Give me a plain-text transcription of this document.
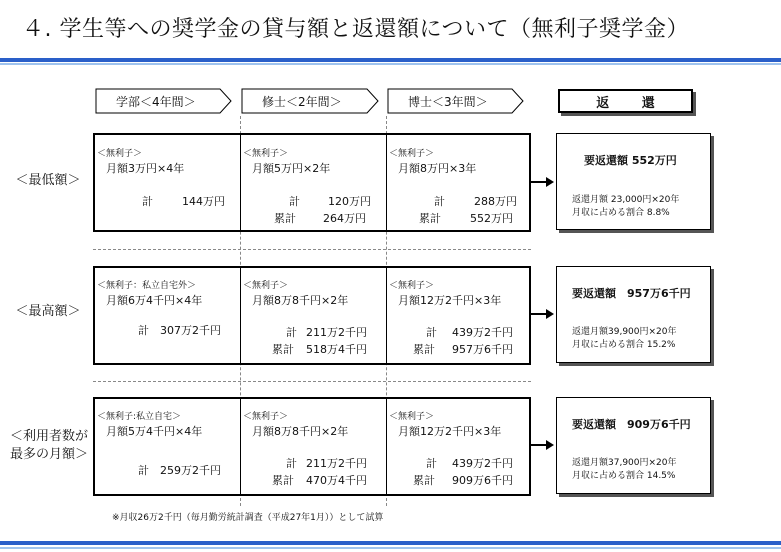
４. 学生等への奨学金の貸与額と返還額について（無利子奨学金）
学部＜4年間＞	修士＜2年間＞	博士＜3年間＞	返 還
＜最低額＞
＜無利子＞
月額3万円×4年
計	144万円
＜無利子＞
月額5万円×2年
計	120万円
累計 264万円
＜無利子＞
月額8万円×3年
計	288万円
累計	552万円
要返還額 552万円
返還月額 23,000円×20年
月収に占める割合 8.8%
＜最高額＞
＜無利子：私立自宅外＞
月額6万4千円×4年
計 307万2千円
＜無利子＞
月額8万8千円×2年
計 211万2千円
累計 518万4千円
＜無利子＞
月額12万2千円×3年
計 439万2千円
累計 957万6千円
要返還額　957万6千円
返還月額39,900円×20年
月収に占める割合 15.2%
＜利用者数が
最多の月額＞
＜無利子:私立自宅＞
月額5万4千円×4年
計 259万2千円
＜無利子＞
月額8万8千円×2年
計 211万2千円
累計 470万4千円
＜無利子＞
月額12万2千円×3年
計 439万2千円
累計 909万6千円
要返還額　909万6千円
返還月額37,900円×20年
月収に占める割合 14.5%
※月収26万2千円（毎月勤労統計調査（平成27年1月））として試算
